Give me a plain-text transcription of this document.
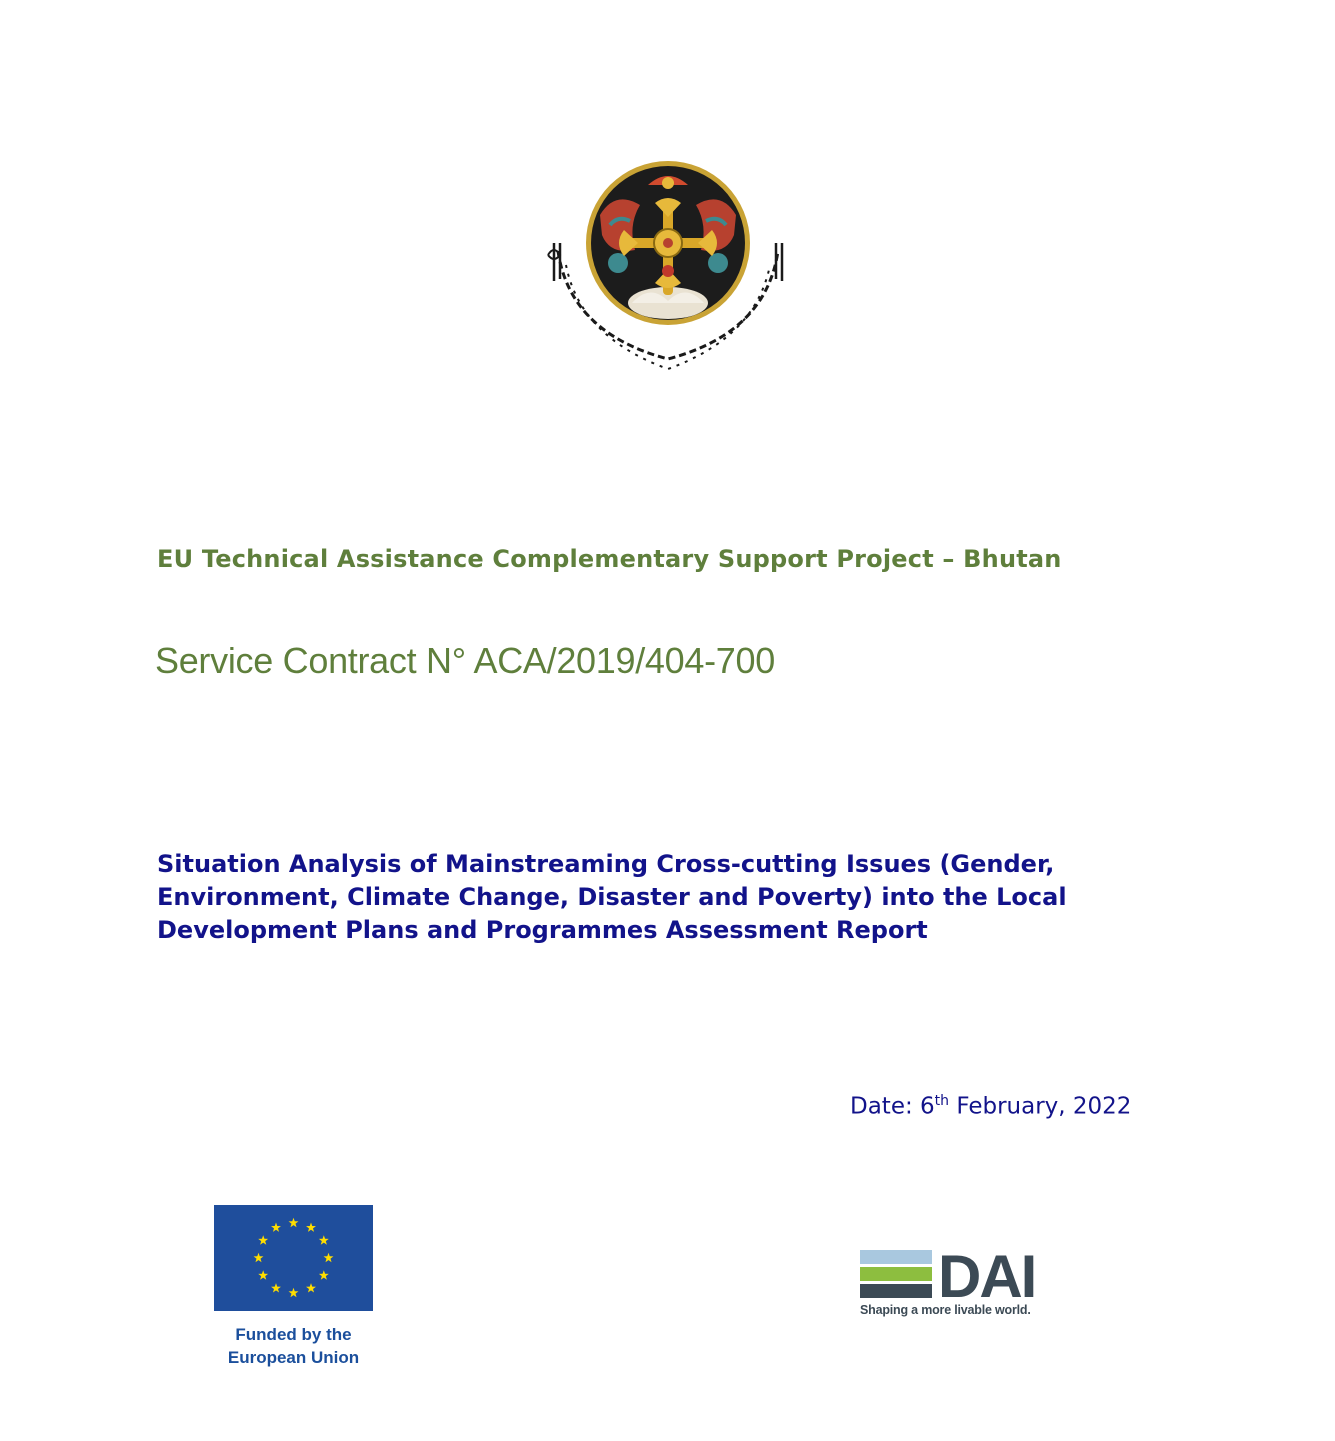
EU Technical Assistance Complementary Support Project – Bhutan
Service Contract N° ACA/2019/404-700
Situation Analysis of Mainstreaming Cross-cutting Issues (Gender,
Environment, Climate Change, Disaster and Poverty) into the Local
Development Plans and Programmes Assessment Report
Date: 6th February, 2022
Funded by the
European Union
DAI
Shaping a more livable world.
